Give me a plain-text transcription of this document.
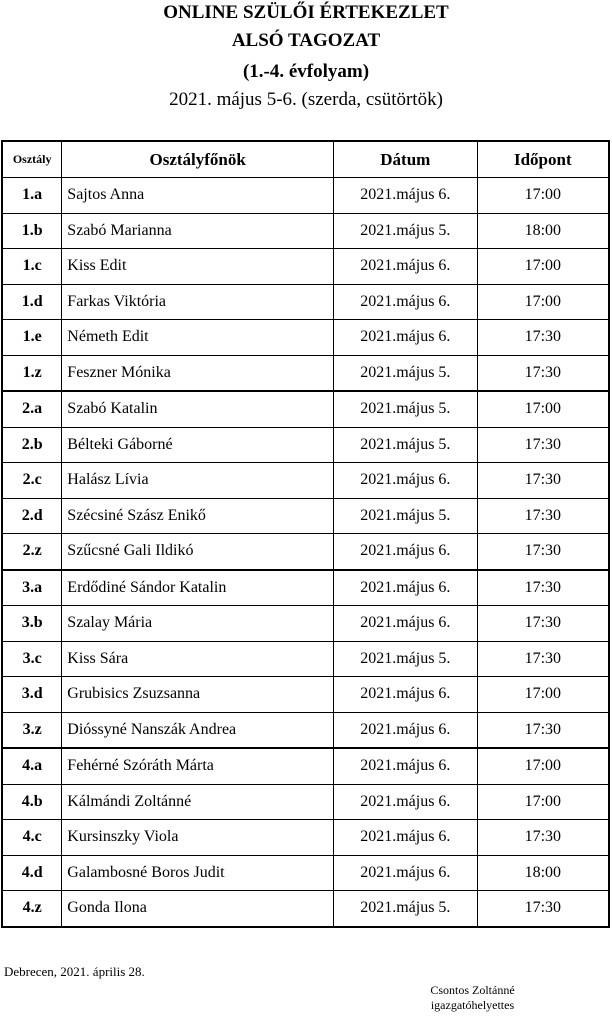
ONLINE SZÜLŐI ÉRTEKEZLET
ALSÓ TAGOZAT
(1.-4. évfolyam)
2021. május 5-6. (szerda, csütörtök)
Osztály	Osztályfőnök	Dátum	Időpont
1.a	Sajtos Anna	2021.május 6.	17:00
1.b	Szabó Marianna	2021.május 5.	18:00
1.c	Kiss Edit	2021.május 6.	17:00
1.d	Farkas Viktória	2021.május 6.	17:00
1.e	Németh Edit	2021.május 6.	17:30
1.z	Feszner Mónika	2021.május 5.	17:30
2.a	Szabó Katalin	2021.május 5.	17:00
2.b	Bélteki Gáborné	2021.május 5.	17:30
2.c	Halász Lívia	2021.május 6.	17:30
2.d	Szécsiné Szász Enikő	2021.május 5.	17:30
2.z	Szűcsné Gali Ildikó	2021.május 6.	17:30
3.a	Erdődiné Sándor Katalin	2021.május 6.	17:30
3.b	Szalay Mária	2021.május 6.	17:30
3.c	Kiss Sára	2021.május 5.	17:30
3.d	Grubisics Zsuzsanna	2021.május 6.	17:00
3.z	Dióssyné Nanszák Andrea	2021.május 6.	17:30
4.a	Fehérné Szóráth Márta	2021.május 6.	17:00
4.b	Kálmándi Zoltánné	2021.május 6.	17:00
4.c	Kursinszky Viola	2021.május 6.	17:30
4.d	Galambosné Boros Judit	2021.május 6.	18:00
4.z	Gonda Ilona	2021.május 5.	17:30
Debrecen, 2021. április 28.
Csontos Zoltánné
igazgatóhelyettes
